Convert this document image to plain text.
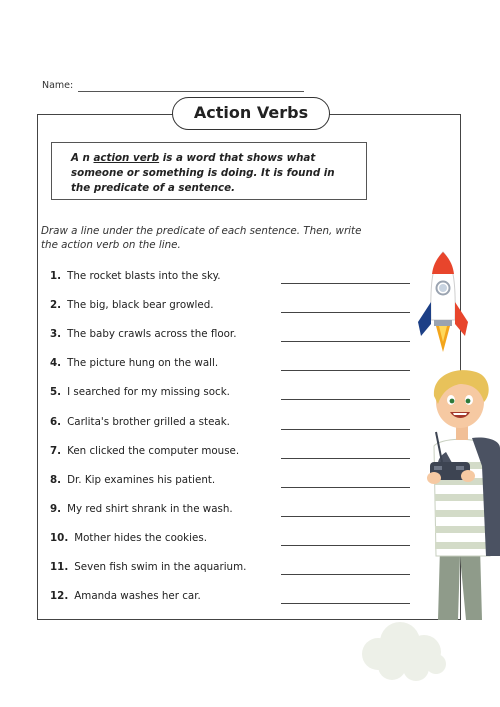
Name:
Action Verbs
A n action verb is a word that shows what someone or something is doing. It is found in the predicate of a sentence.
Draw a line under the predicate of each sentence. Then, write the action verb on the line.
1. The rocket blasts into the sky.
2. The big, black bear growled.
3. The baby crawls across the floor.
4. The picture hung on the wall.
5. I searched for my missing sock.
6. Carlita's brother grilled a steak.
7. Ken clicked the computer mouse.
8. Dr. Kip examines his patient.
9. My red shirt shrank in the wash.
10. Mother hides the cookies.
11. Seven fish swim in the aquarium.
12. Amanda washes her car.
